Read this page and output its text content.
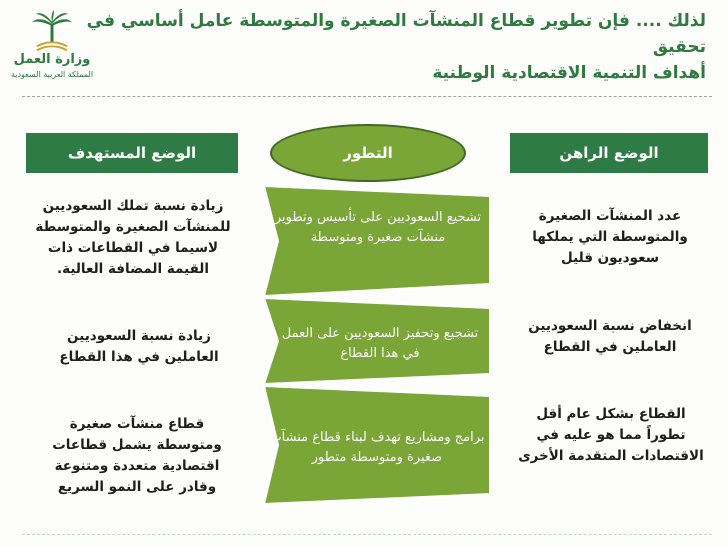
لذلك .... فإن تطوير قطاع المنشآت الصغيرة والمتوسطة عامل أساسي في تحقيق
أهداف التنمية الاقتصادية الوطنية
وزارة العمل
المملكة العربية السعودية
الوضع الراهن
الوضع المستهدف	التطور
عدد المنشآت الصغيرة والمتوسطة التي يملكها سعوديون قليل
تشجيع السعوديين على تأسيس وتطوير منشآت صغيرة ومتوسطة
زيادة نسبة تملك السعوديين للمنشآت الصغيرة والمتوسطة لاسيما في القطاعات ذات القيمة المضافة العالية.
انخفاض نسبة السعوديين العاملين في القطاع
تشجيع وتحفيز السعوديين على العمل في هذا القطاع
زيادة نسبة السعوديين العاملين في هذا القطاع
القطاع بشكل عام أقل تطوراً مما هو عليه في الاقتصادات المتقدمة الأخرى
برامج ومشاريع تهدف لبناء قطاع منشآت صغيرة ومتوسطة متطور
قطاع منشآت صغيرة ومتوسطة يشمل قطاعات اقتصادية متعددة ومتنوعة وقادر على النمو السريع
